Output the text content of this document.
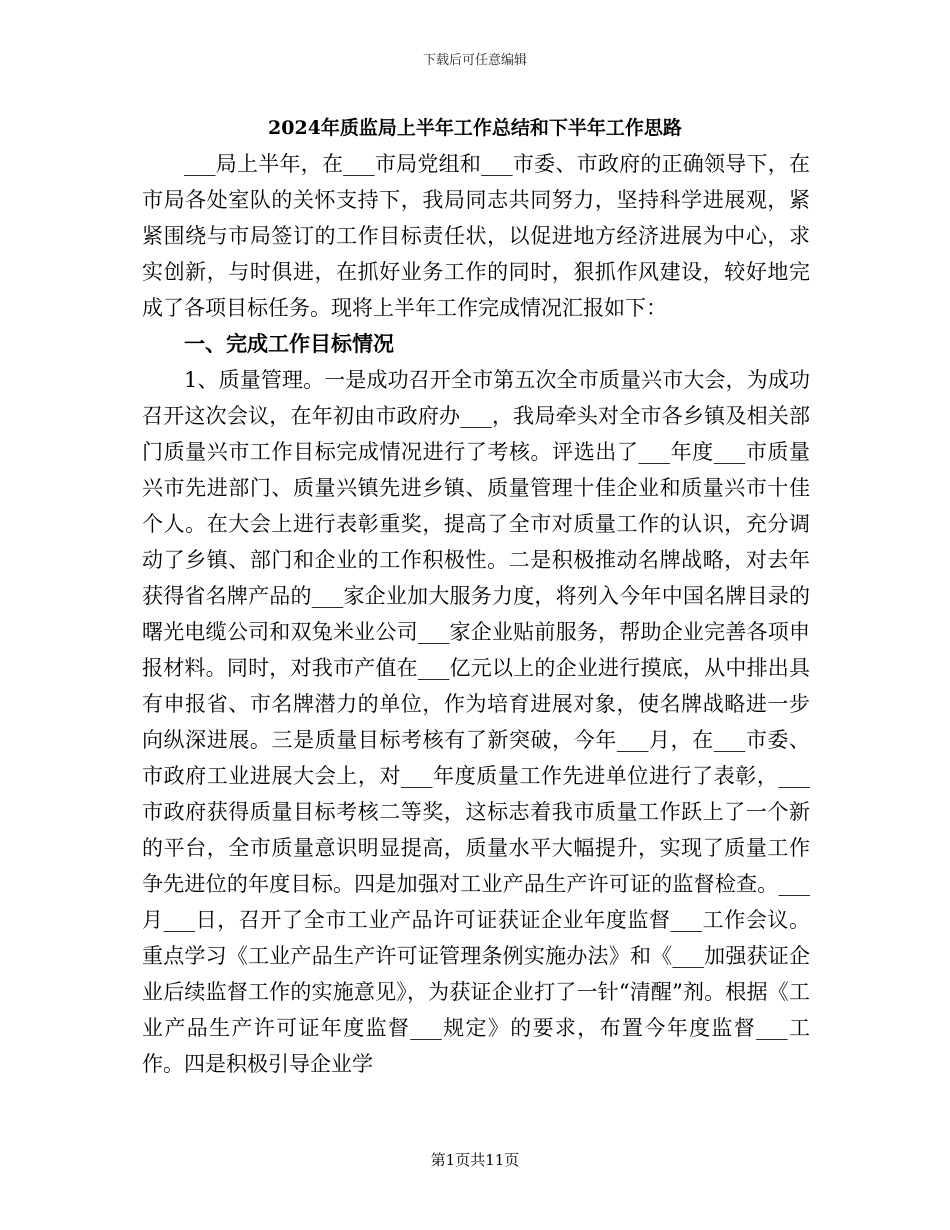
下载后可任意编辑
2024年质监局上半年工作总结和下半年工作思路

___局上半年，在___市局党组和___市委、市政府的正确领导下，在市局各处室队的关怀支持下，我局同志共同努力，坚持科学进展观，紧紧围绕与市局签订的工作目标责任状，以促进地方经济进展为中心，求实创新，与时俱进，在抓好业务工作的同时，狠抓作风建设，较好地完成了各项目标任务。现将上半年工作完成情况汇报如下：

一、完成工作目标情况

1、质量管理。一是成功召开全市第五次全市质量兴市大会，为成功召开这次会议，在年初由市政府办___，我局牵头对全市各乡镇及相关部门质量兴市工作目标完成情况进行了考核。评选出了___年度___市质量兴市先进部门、质量兴镇先进乡镇、质量管理十佳企业和质量兴市十佳个人。在大会上进行表彰重奖，提高了全市对质量工作的认识，充分调动了乡镇、部门和企业的工作积极性。二是积极推动名牌战略，对去年获得省名牌产品的___家企业加大服务力度，将列入今年中国名牌目录的曙光电缆公司和双兔米业公司___家企业贴前服务，帮助企业完善各项申报材料。同时，对我市产值在___亿元以上的企业进行摸底，从中排出具有申报省、市名牌潜力的单位，作为培育进展对象，使名牌战略进一步向纵深进展。三是质量目标考核有了新突破，今年___月，在___市委、市政府工业进展大会上，对___年度质量工作先进单位进行了表彰，___市政府获得质量目标考核二等奖，这标志着我市质量工作跃上了一个新的平台，全市质量意识明显提高，质量水平大幅提升，实现了质量工作争先进位的年度目标。四是加强对工业产品生产许可证的监督检查。___月___日，召开了全市工业产品许可证获证企业年度监督___工作会议。重点学习《工业产品生产许可证管理条例实施办法》和《___加强获证企业后续监督工作的实施意见》，为获证企业打了一针“清醒”剂。根据《工业产品生产许可证年度监督___规定》的要求，布置今年度监督___工作。四是积极引导企业学

第1页共11页
